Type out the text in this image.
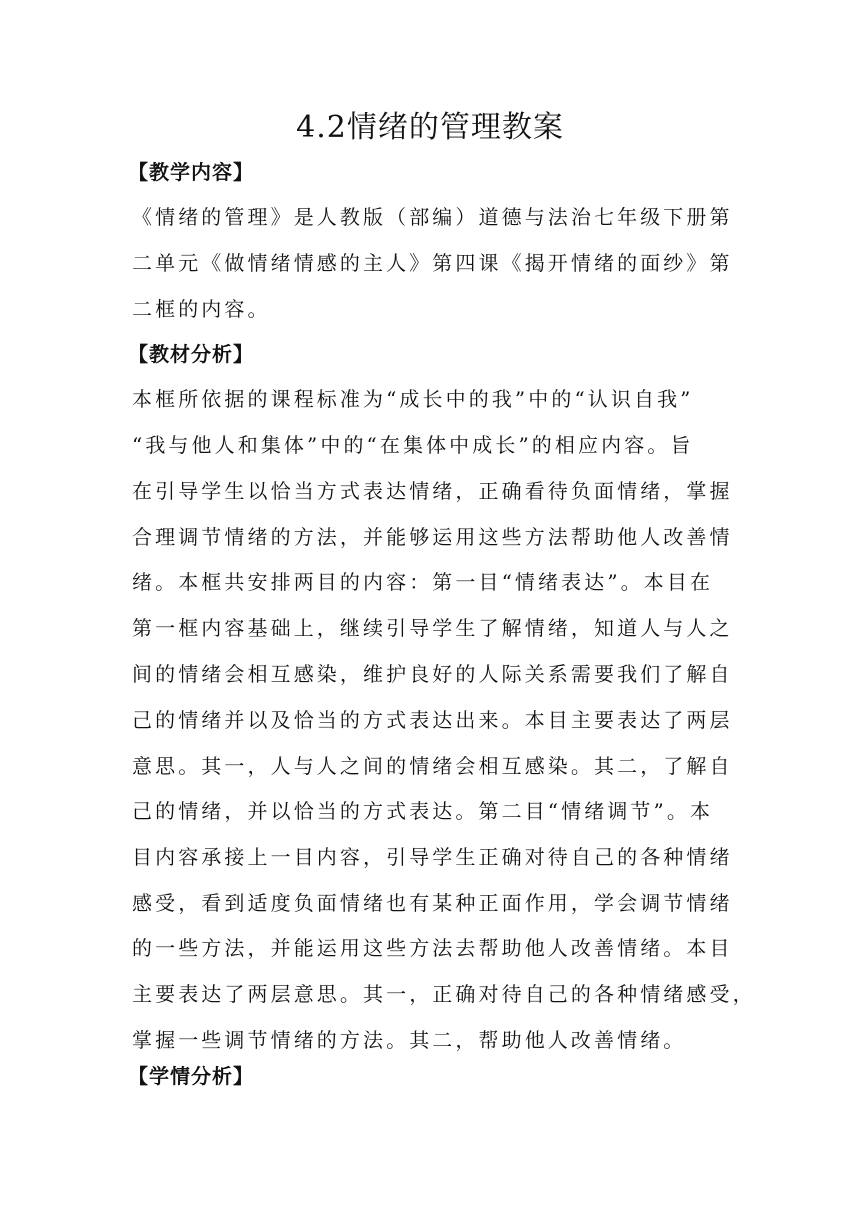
4.2情绪的管理教案
【教学内容】
《情绪的管理》是人教版（部编）道德与法治七年级下册第
二单元《做情绪情感的主人》第四课《揭开情绪的面纱》第
二框的内容。
【教材分析】
本框所依据的课程标准为“成长中的我”中的“认识自我”
“我与他人和集体”中的“在集体中成长”的相应内容。旨
在引导学生以恰当方式表达情绪，正确看待负面情绪，掌握
合理调节情绪的方法，并能够运用这些方法帮助他人改善情
绪。本框共安排两目的内容：第一目“情绪表达”。本目在
第一框内容基础上，继续引导学生了解情绪，知道人与人之
间的情绪会相互感染，维护良好的人际关系需要我们了解自
己的情绪并以及恰当的方式表达出来。本目主要表达了两层
意思。其一，人与人之间的情绪会相互感染。其二，了解自
己的情绪，并以恰当的方式表达。第二目“情绪调节”。本
目内容承接上一目内容，引导学生正确对待自己的各种情绪
感受，看到适度负面情绪也有某种正面作用，学会调节情绪
的一些方法，并能运用这些方法去帮助他人改善情绪。本目
主要表达了两层意思。其一，正确对待自己的各种情绪感受，
掌握一些调节情绪的方法。其二，帮助他人改善情绪。
【学情分析】
